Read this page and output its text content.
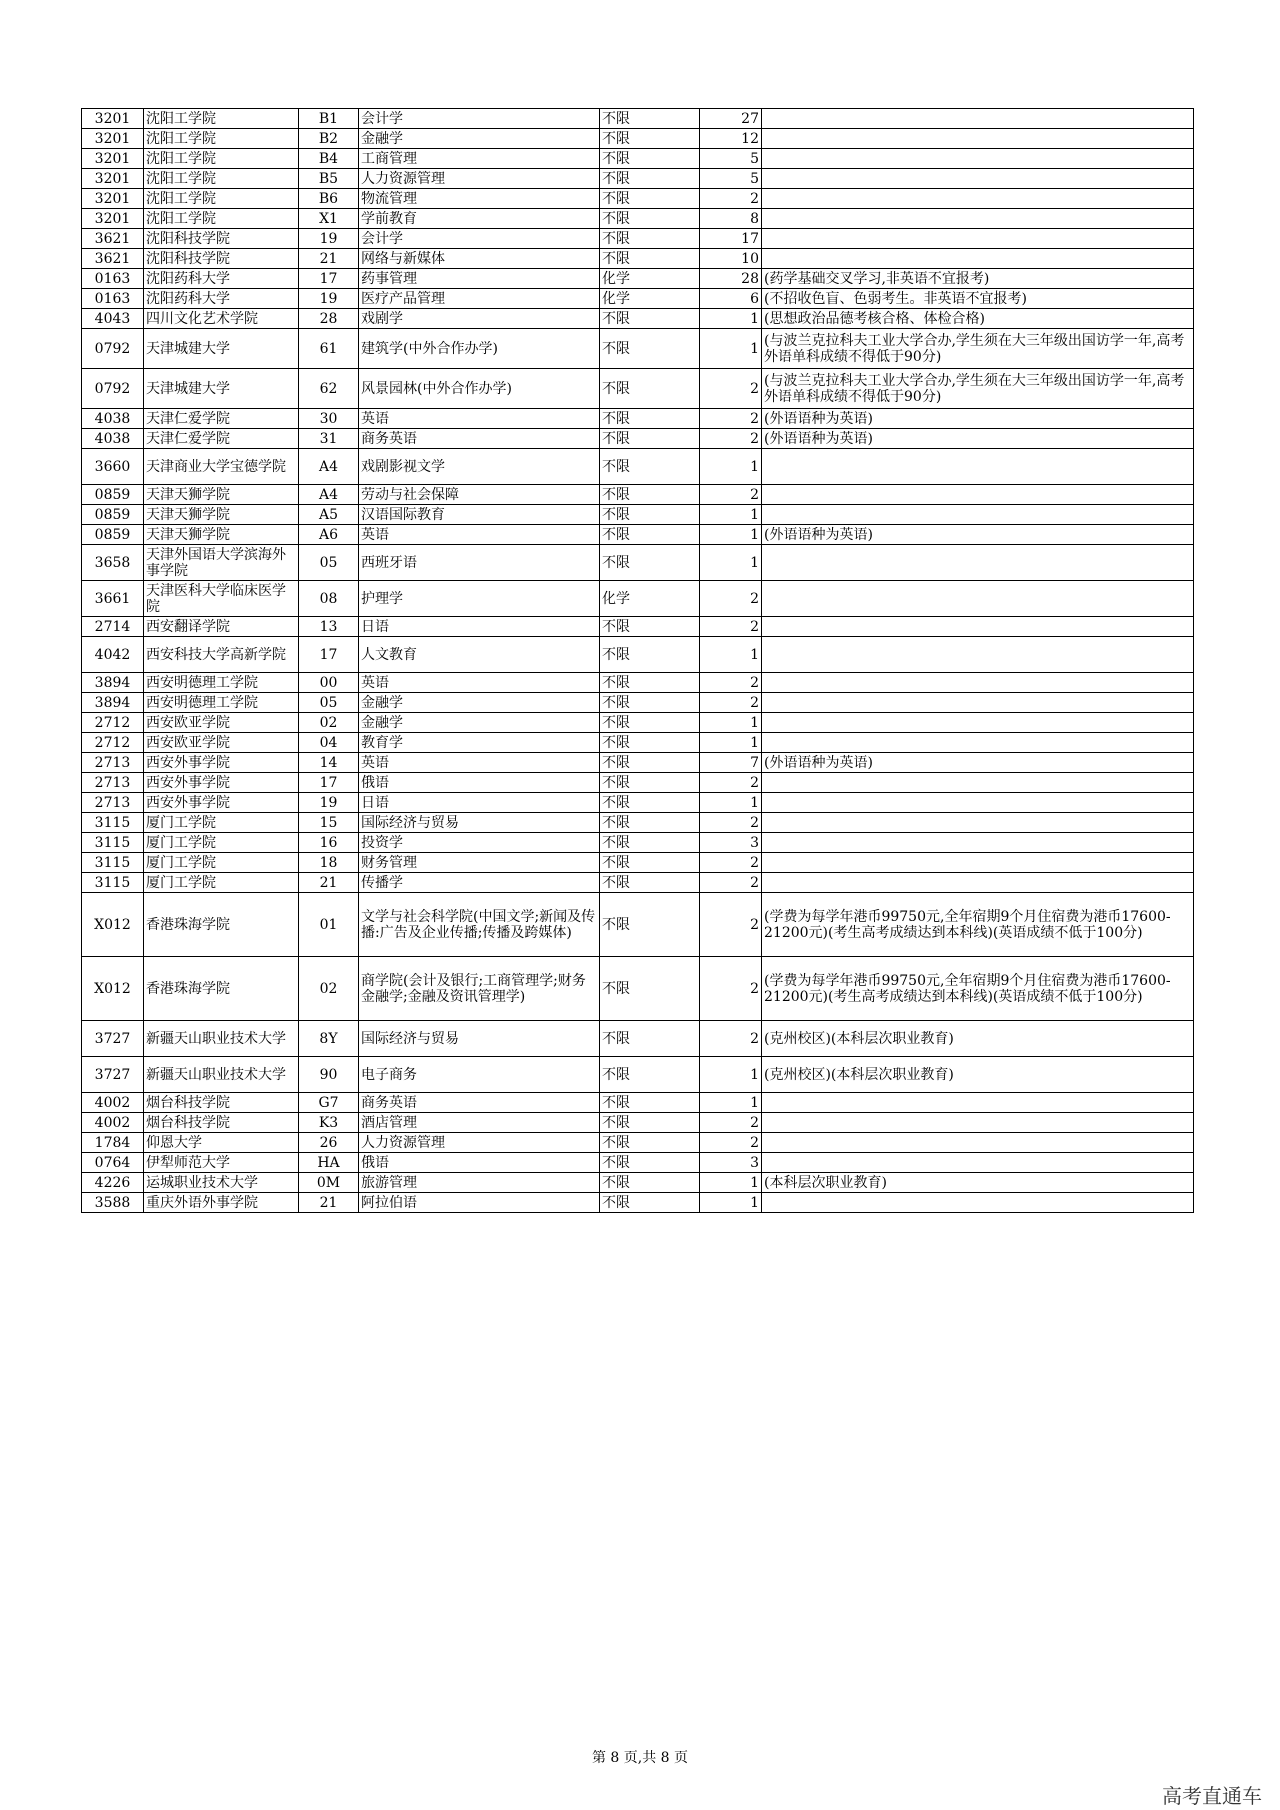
3201	沈阳工学院	B1	会计学	不限	27	
3201	沈阳工学院	B2	金融学	不限	12	
3201	沈阳工学院	B4	工商管理	不限	5	
3201	沈阳工学院	B5	人力资源管理	不限	5	
3201	沈阳工学院	B6	物流管理	不限	2	
3201	沈阳工学院	X1	学前教育	不限	8	
3621	沈阳科技学院	19	会计学	不限	17	
3621	沈阳科技学院	21	网络与新媒体	不限	10	
0163	沈阳药科大学	17	药事管理	化学	28	(药学基础交叉学习,非英语不宜报考)
0163	沈阳药科大学	19	医疗产品管理	化学	6	(不招收色盲、色弱考生。非英语不宜报考)
4043	四川文化艺术学院	28	戏剧学	不限	1	(思想政治品德考核合格、体检合格)
0792	天津城建大学	61	建筑学(中外合作办学)	不限	1	(与波兰克拉科夫工业大学合办,学生须在大三年级出国访学一年,高考外语单科成绩不得低于90分)
0792	天津城建大学	62	风景园林(中外合作办学)	不限	2	(与波兰克拉科夫工业大学合办,学生须在大三年级出国访学一年,高考外语单科成绩不得低于90分)
4038	天津仁爱学院	30	英语	不限	2	(外语语种为英语)
4038	天津仁爱学院	31	商务英语	不限	2	(外语语种为英语)
3660	天津商业大学宝德学院	A4	戏剧影视文学	不限	1	
0859	天津天狮学院	A4	劳动与社会保障	不限	2	
0859	天津天狮学院	A5	汉语国际教育	不限	1	
0859	天津天狮学院	A6	英语	不限	1	(外语语种为英语)
3658	天津外国语大学滨海外事学院	05	西班牙语	不限	1	
3661	天津医科大学临床医学院	08	护理学	化学	2	
2714	西安翻译学院	13	日语	不限	2	
4042	西安科技大学高新学院	17	人文教育	不限	1	
3894	西安明德理工学院	00	英语	不限	2	
3894	西安明德理工学院	05	金融学	不限	2	
2712	西安欧亚学院	02	金融学	不限	1	
2712	西安欧亚学院	04	教育学	不限	1	
2713	西安外事学院	14	英语	不限	7	(外语语种为英语)
2713	西安外事学院	17	俄语	不限	2	
2713	西安外事学院	19	日语	不限	1	
3115	厦门工学院	15	国际经济与贸易	不限	2	
3115	厦门工学院	16	投资学	不限	3	
3115	厦门工学院	18	财务管理	不限	2	
3115	厦门工学院	21	传播学	不限	2	
X012	香港珠海学院	01	文学与社会科学院(中国文学;新闻及传播:广告及企业传播;传播及跨媒体)	不限	2	(学费为每学年港币99750元,全年宿期9个月住宿费为港币17600-21200元)(考生高考成绩达到本科线)(英语成绩不低于100分)
X012	香港珠海学院	02	商学院(会计及银行;工商管理学;财务金融学;金融及资讯管理学)	不限	2	(学费为每学年港币99750元,全年宿期9个月住宿费为港币17600-21200元)(考生高考成绩达到本科线)(英语成绩不低于100分)
3727	新疆天山职业技术大学	8Y	国际经济与贸易	不限	2	(克州校区)(本科层次职业教育)
3727	新疆天山职业技术大学	90	电子商务	不限	1	(克州校区)(本科层次职业教育)
4002	烟台科技学院	G7	商务英语	不限	1	
4002	烟台科技学院	K3	酒店管理	不限	2	
1784	仰恩大学	26	人力资源管理	不限	2	
0764	伊犁师范大学	HA	俄语	不限	3	
4226	运城职业技术大学	0M	旅游管理	不限	1	(本科层次职业教育)
3588	重庆外语外事学院	21	阿拉伯语	不限	1	
第 8 页,共 8 页
高考直通车
